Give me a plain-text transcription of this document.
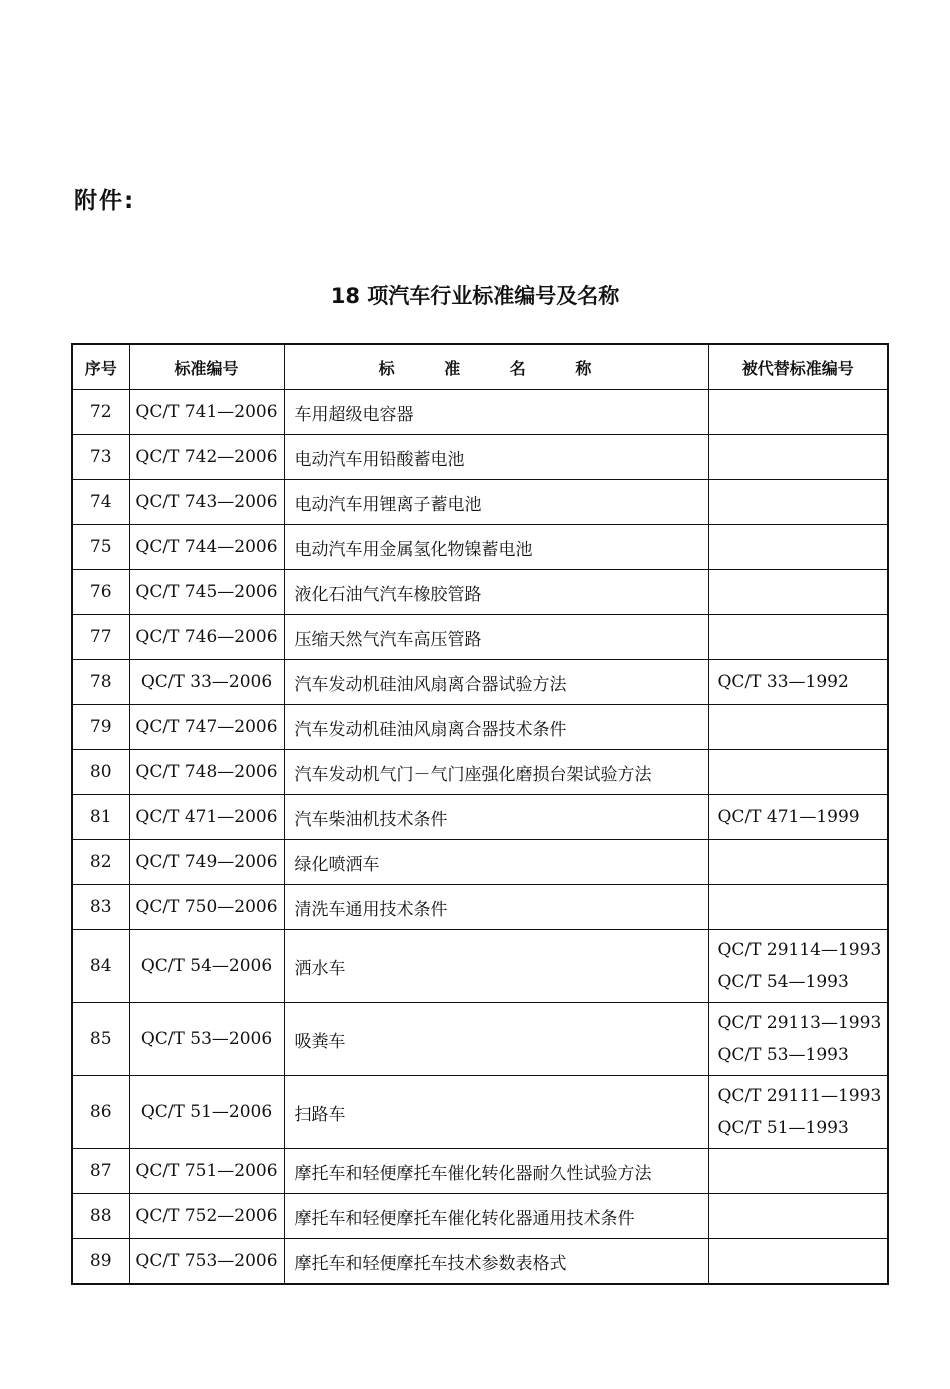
附件:
18 项汽车行业标准编号及名称
序号	标准编号	标 准 名 称	被代替标准编号
72	QC/T 741—2006	车用超级电容器	
73	QC/T 742—2006	电动汽车用铅酸蓄电池	
74	QC/T 743—2006	电动汽车用锂离子蓄电池	
75	QC/T 744—2006	电动汽车用金属氢化物镍蓄电池	
76	QC/T 745—2006	液化石油气汽车橡胶管路	
77	QC/T 746—2006	压缩天然气汽车高压管路	
78	QC/T 33—2006	汽车发动机硅油风扇离合器试验方法	QC/T 33—1992

79	QC/T 747—2006	汽车发动机硅油风扇离合器技术条件	
80	QC/T 748—2006	汽车发动机气门－气门座强化磨损台架试验方法	
81	QC/T 471—2006	汽车柴油机技术条件	QC/T 471—1999

82	QC/T 749—2006	绿化喷洒车	
83	QC/T 750—2006	清洗车通用技术条件	
84	QC/T 54—2006	洒水车	QC/T 29114—1993
QC/T 54—1993

85	QC/T 53—2006	吸粪车	QC/T 29113—1993
QC/T 53—1993

86	QC/T 51—2006	扫路车	QC/T 29111—1993
QC/T 51—1993

87	QC/T 751—2006	摩托车和轻便摩托车催化转化器耐久性试验方法	
88	QC/T 752—2006	摩托车和轻便摩托车催化转化器通用技术条件	
89	QC/T 753—2006	摩托车和轻便摩托车技术参数表格式	
